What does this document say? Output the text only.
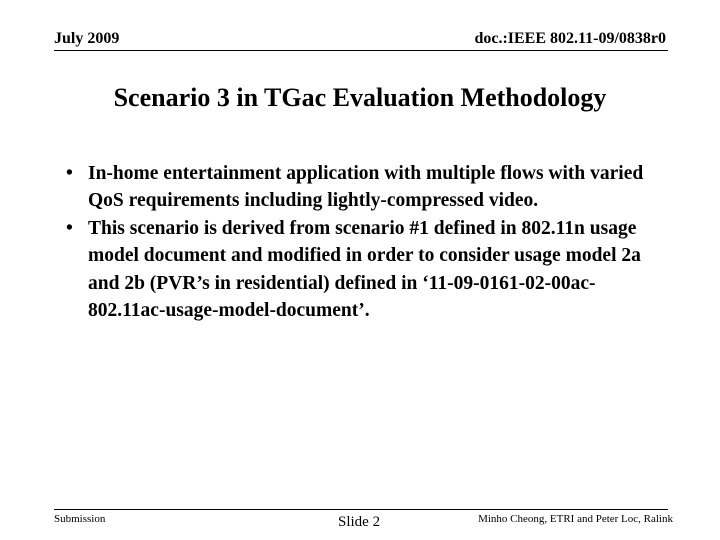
July 2009	doc.:IEEE 802.11-09/0838r0
Scenario 3 in TGac Evaluation Methodology
• In-home entertainment application with multiple flows with varied QoS requirements including lightly-compressed video.
• This scenario is derived from scenario #1 defined in 802.11n usage model document and modified in order to consider usage model 2a and 2b (PVR’s in residential) defined in ‘11-09-0161-02-00ac-802.11ac-usage-model-document’.
Submission	Slide 2	Minho Cheong, ETRI and Peter Loc, Ralink
